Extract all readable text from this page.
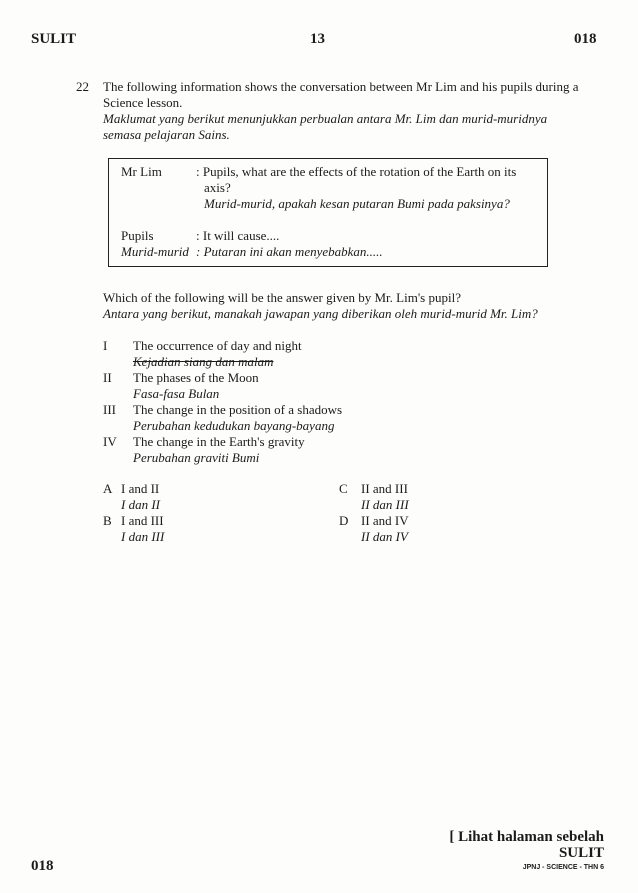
SULIT	13	018
22 The following information shows the conversation between Mr Lim and his pupils during a
Science lesson.
Maklumat yang berikut menunjukkan perbualan antara Mr. Lim dan murid-muridnya
semasa pelajaran Sains.
Mr Lim	: Pupils, what are the effects of the rotation of the Earth on its
axis?
Murid-murid, apakah kesan putaran Bumi pada paksinya?
Pupils	: It will cause....
Murid-murid : Putaran ini akan menyebabkan.....
Which of the following will be the answer given by Mr. Lim's pupil?
Antara yang berikut, manakah jawapan yang diberikan oleh murid-murid Mr. Lim?
I The occurrence of day and night
Kejadian siang dan malam
II The phases of the Moon
Fasa-fasa Bulan
III The change in the position of a shadows
Perubahan kedudukan bayang-bayang
IV The change in the Earth's gravity
Perubahan graviti Bumi
A I and II
I dan II
B I and III
I dan III
C II and III
II dan III
D II and IV
II dan IV
018
[ Lihat halaman sebelah
SULIT
JPNJ - SCIENCE - THN 6
